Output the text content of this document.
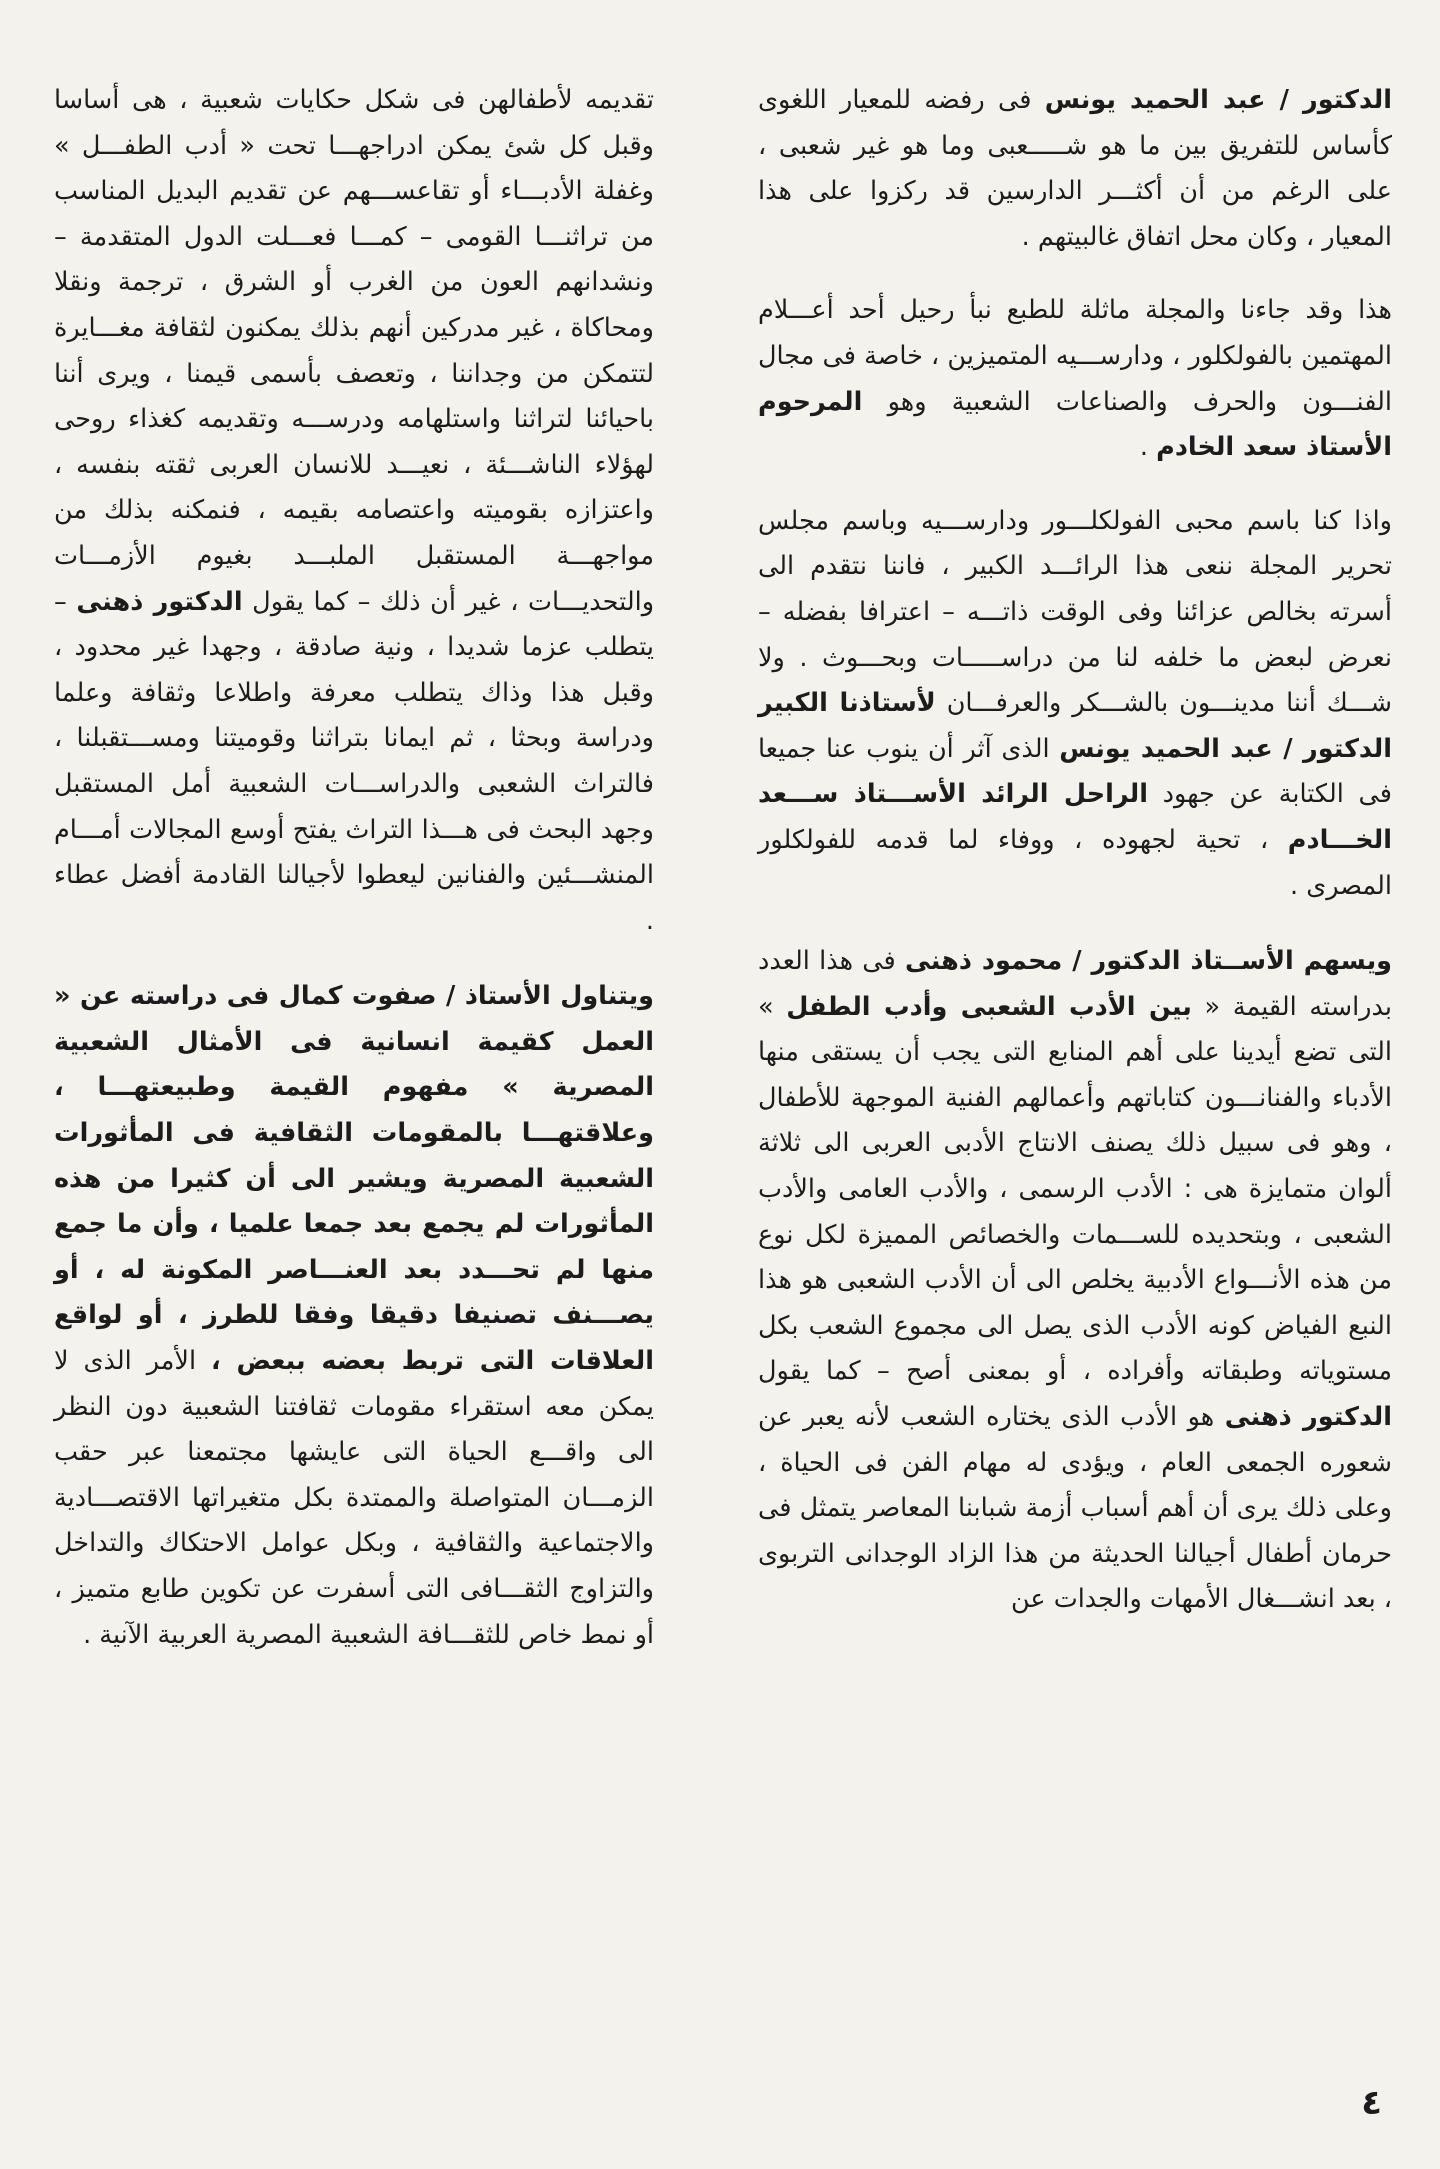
الدكتور / عبد الحميد يونس فى رفضه للمعيار اللغوى كأساس للتفريق بين ما هو شـــــعبى وما هو غير شعبى ، على الرغم من أن أكثـــر الدارسين قد ركزوا على هذا المعيار ، وكان محل اتفاق غالبيتهم .

هذا وقد جاءنا والمجلة ماثلة للطبع نبأ رحيل أحد أعـــلام المهتمين بالفولكلور ، ودارســـيه المتميزين ، خاصة فى مجال الفنـــون والحرف والصناعات الشعبية وهو المرحوم الأستاذ سعد الخادم .

واذا كنا باسم محبى الفولكلـــور ودارســـيه وباسم مجلس تحرير المجلة ننعى هذا الرائـــد الكبير ، فاننا نتقدم الى أسرته بخالص عزائنا وفى الوقت ذاتـــه – اعترافا بفضله – نعرض لبعض ما خلفه لنا من دراســـــات وبحـــوث . ولا شـــك أننا مدينـــون بالشـــكر والعرفـــان لأستاذنا الكبير الدكتور / عبد الحميد يونس الذى آثر أن ينوب عنا جميعا فى الكتابة عن جهود الراحل الرائد الأســـتاذ ســـعد الخـــادم ، تحية لجهوده ، ووفاء لما قدمه للفولكلور المصرى .

ويسهم الأســتاذ الدكتور / محمود ذهنى فى هذا العدد بدراسته القيمة « بين الأدب الشعبى وأدب الطفل » التى تضع أيدينا على أهم المنابع التى يجب أن يستقى منها الأدباء والفنانـــون كتاباتهم وأعمالهم الفنية الموجهة للأطفال ، وهو فى سبيل ذلك يصنف الانتاج الأدبى العربى الى ثلاثة ألوان متمايزة هى : الأدب الرسمى ، والأدب العامى والأدب الشعبى ، وبتحديده للســـمات والخصائص المميزة لكل نوع من هذه الأنـــواع الأدبية يخلص الى أن الأدب الشعبى هو هذا النبع الفياض كونه الأدب الذى يصل الى مجموع الشعب بكل مستوياته وطبقاته وأفراده ، أو بمعنى أصح – كما يقول الدكتور ذهنى هو الأدب الذى يختاره الشعب لأنه يعبر عن شعوره الجمعى العام ، ويؤدى له مهام الفن فى الحياة ، وعلى ذلك يرى أن أهم أسباب أزمة شبابنا المعاصر يتمثل فى حرمان أطفال أجيالنا الحديثة من هذا الزاد الوجدانى التربوى ، بعد انشـــغال الأمهات والجدات عن

تقديمه لأطفالهن فى شكل حكايات شعبية ، هى أساسا وقبل كل شئ يمكن ادراجهـــا تحت « أدب الطفـــل » وغفلة الأدبـــاء أو تقاعســـهم عن تقديم البديل المناسب من تراثنـــا القومى – كمـــا فعـــلت الدول المتقدمة – ونشدانهم العون من الغرب أو الشرق ، ترجمة ونقلا ومحاكاة ، غير مدركين أنهم بذلك يمكنون لثقافة مغـــايرة لتتمكن من وجداننا ، وتعصف بأسمى قيمنا ، ويرى أننا باحيائنا لتراثنا واستلهامه ودرســـه وتقديمه كغذاء روحى لهؤلاء الناشـــئة ، نعيـــد للانسان العربى ثقته بنفسه ، واعتزازه بقوميته واعتصامه بقيمه ، فنمكنه بذلك من مواجهـــة المستقبل الملبـــد بغيوم الأزمـــات والتحديـــات ، غير أن ذلك – كما يقول الدكتور ذهنى – يتطلب عزما شديدا ، ونية صادقة ، وجهدا غير محدود ، وقبل هذا وذاك يتطلب معرفة واطلاعا وثقافة وعلما ودراسة وبحثا ، ثم ايمانا بتراثنا وقوميتنا ومســـتقبلنا ، فالتراث الشعبى والدراســـات الشعبية أمل المستقبل وجهد البحث فى هـــذا التراث يفتح أوسع المجالات أمـــام المنشـــئين والفنانين ليعطوا لأجيالنا القادمة أفضل عطاء .

ويتناول الأستاذ / صفوت كمال فى دراسته عن « العمل كقيمة انسانية فى الأمثال الشعبية المصرية » مفهوم القيمة وطبيعتهـــا ، وعلاقتهـــا بالمقومات الثقافية فى المأثورات الشعبية المصرية ويشير الى أن كثيرا من هذه المأثورات لم يجمع بعد جمعا علميا ، وأن ما جمع منها لم تحـــدد بعد العنـــاصر المكونة له ، أو يصـــنف تصنيفا دقيقا وفقا للطرز ، أو لواقع العلاقات التى تربط بعضه ببعض ، الأمر الذى لا يمكن معه استقراء مقومات ثقافتنا الشعبية دون النظر الى واقـــع الحياة التى عايشها مجتمعنا عبر حقب الزمـــان المتواصلة والممتدة بكل متغيراتها الاقتصـــادية والاجتماعية والثقافية ، وبكل عوامل الاحتكاك والتداخل والتزاوج الثقـــافى التى أسفرت عن تكوين طابع متميز ، أو نمط خاص للثقـــافة الشعبية المصرية العربية الآنية .

٤
